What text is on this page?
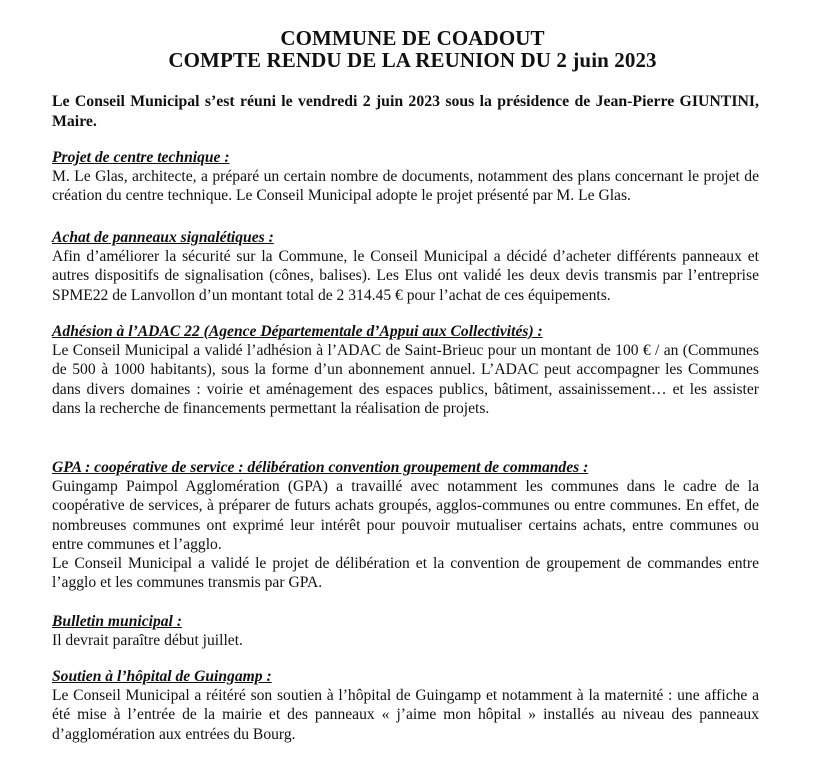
COMMUNE DE COADOUT
COMPTE RENDU DE LA REUNION DU 2 juin 2023
Le Conseil Municipal s’est réuni le vendredi 2 juin 2023 sous la présidence de Jean-Pierre GIUNTINI, Maire.
Projet de centre technique :
M. Le Glas, architecte, a préparé un certain nombre de documents, notamment des plans concernant le projet de création du centre technique. Le Conseil Municipal adopte le projet présenté par M. Le Glas.
Achat de panneaux signalétiques :
Afin d’améliorer la sécurité sur la Commune, le Conseil Municipal a décidé d’acheter différents panneaux et autres dispositifs de signalisation (cônes, balises). Les Elus ont validé les deux devis transmis par l’entreprise SPME22 de Lanvollon d’un montant total de 2 314.45 € pour l’achat de ces équipements.
Adhésion à l’ADAC 22 (Agence Départementale d’Appui aux Collectivités) :
Le Conseil Municipal a validé l’adhésion à l’ADAC de Saint-Brieuc pour un montant de 100 € / an (Communes de 500 à 1000 habitants), sous la forme d’un abonnement annuel. L’ADAC peut accompagner les Communes dans divers domaines : voirie et aménagement des espaces publics, bâtiment, assainissement… et les assister dans la recherche de financements permettant la réalisation de projets.
GPA : coopérative de service : délibération convention groupement de commandes :
Guingamp Paimpol Agglomération (GPA) a travaillé avec notamment les communes dans le cadre de la coopérative de services, à préparer de futurs achats groupés, agglos-communes ou entre communes. En effet, de nombreuses communes ont exprimé leur intérêt pour pouvoir mutualiser certains achats, entre communes ou entre communes et l’agglo.
Le Conseil Municipal a validé le projet de délibération et la convention de groupement de commandes entre l’agglo et les communes transmis par GPA.
Bulletin municipal :
Il devrait paraître début juillet.
Soutien à l’hôpital de Guingamp :
Le Conseil Municipal a réitéré son soutien à l’hôpital de Guingamp et notamment à la maternité : une affiche a été mise à l’entrée de la mairie et des panneaux « j’aime mon hôpital » installés au niveau des panneaux d’agglomération aux entrées du Bourg.
